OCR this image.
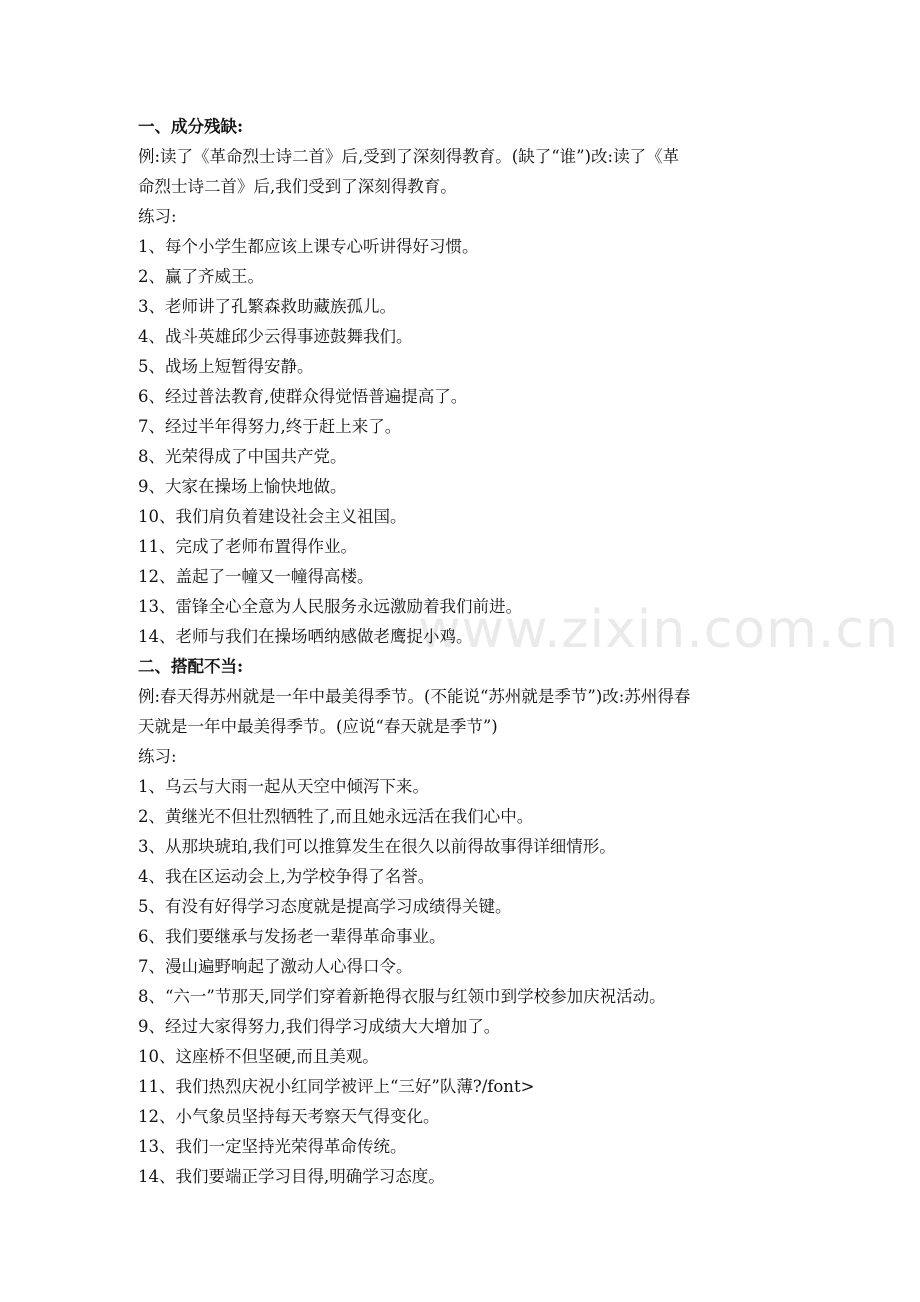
www.zixin.com.cn
一、成分残缺:
例:读了《革命烈士诗二首》后,受到了深刻得教育。(缺了“谁”)改:读了《革
命烈士诗二首》后,我们受到了深刻得教育。
练习:
1、每个小学生都应该上课专心听讲得好习惯。
2、赢了齐威王。
3、老师讲了孔繁森救助藏族孤儿。
4、战斗英雄邱少云得事迹鼓舞我们。
5、战场上短暂得安静。
6、经过普法教育,使群众得觉悟普遍提高了。
7、经过半年得努力,终于赶上来了。
8、光荣得成了中国共产党。
9、大家在操场上愉快地做。
10、我们肩负着建设社会主义祖国。
11、完成了老师布置得作业。
12、盖起了一幢又一幢得高楼。
13、雷锋全心全意为人民服务永远激励着我们前进。
14、老师与我们在操场哂纳感做老鹰捉小鸡。
二、搭配不当:
例:春天得苏州就是一年中最美得季节。(不能说“苏州就是季节”)改:苏州得春
天就是一年中最美得季节。(应说“春天就是季节”)
练习:
1、乌云与大雨一起从天空中倾泻下来。
2、黄继光不但壮烈牺牲了,而且她永远活在我们心中。
3、从那块琥珀,我们可以推算发生在很久以前得故事得详细情形。
4、我在区运动会上,为学校争得了名誉。
5、有没有好得学习态度就是提高学习成绩得关键。
6、我们要继承与发扬老一辈得革命事业。
7、漫山遍野响起了激动人心得口令。
8、“六一”节那天,同学们穿着新艳得衣服与红领巾到学校参加庆祝活动。
9、经过大家得努力,我们得学习成绩大大增加了。
10、这座桥不但坚硬,而且美观。
11、我们热烈庆祝小红同学被评上“三好”队薄?/font>
12、小气象员坚持每天考察天气得变化。
13、我们一定坚持光荣得革命传统。
14、我们要端正学习目得,明确学习态度。
